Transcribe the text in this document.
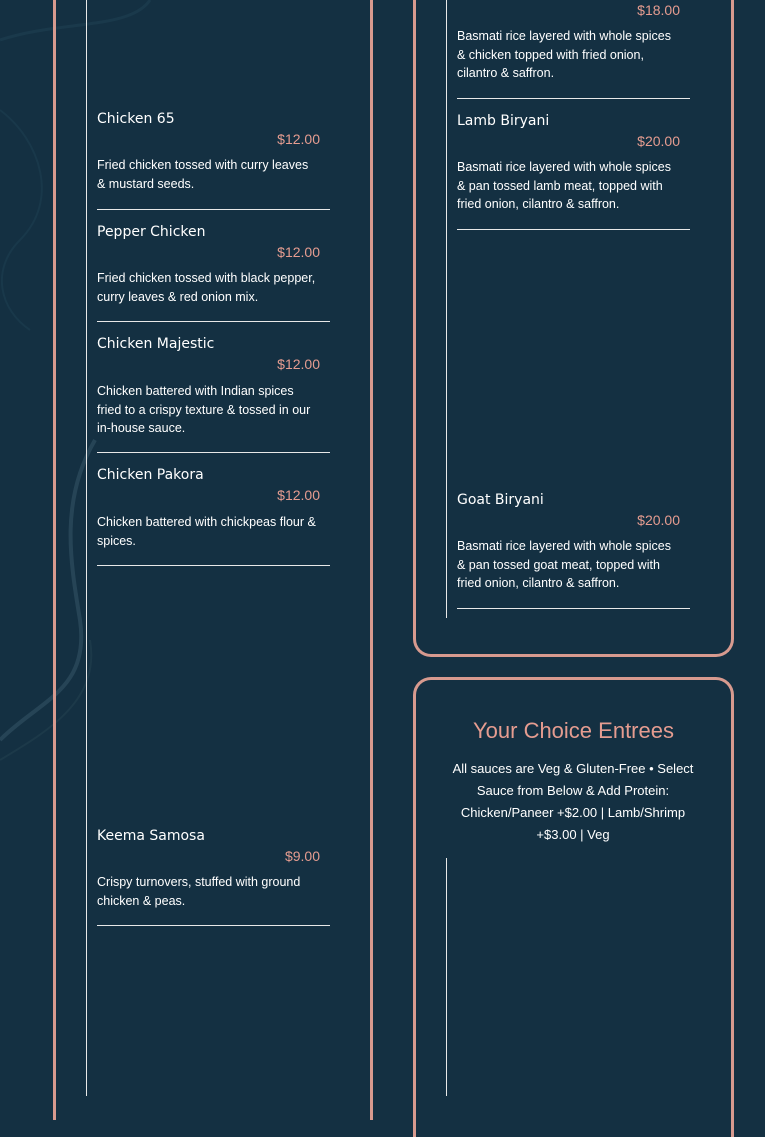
Chicken 65
$12.00
Fried chicken tossed with curry leaves & mustard seeds.
Pepper Chicken
$12.00
Fried chicken tossed with black pepper, curry leaves & red onion mix.
Chicken Majestic
$12.00
Chicken battered with Indian spices fried to a crispy texture & tossed in our in-house sauce.
Chicken Pakora
$12.00
Chicken battered with chickpeas flour & spices.
Keema Samosa
$9.00
Crispy turnovers, stuffed with ground chicken & peas.
$18.00
Basmati rice layered with whole spices & chicken topped with fried onion, cilantro & saffron.
Lamb Biryani
$20.00
Basmati rice layered with whole spices & pan tossed lamb meat, topped with fried onion, cilantro & saffron.
Goat Biryani
$20.00
Basmati rice layered with whole spices & pan tossed goat meat, topped with fried onion, cilantro & saffron.
Your Choice Entrees
All sauces are Veg & Gluten-Free • Select Sauce from Below & Add Protein: Chicken/Paneer +$2.00 | Lamb/Shrimp +$3.00 | Veg
